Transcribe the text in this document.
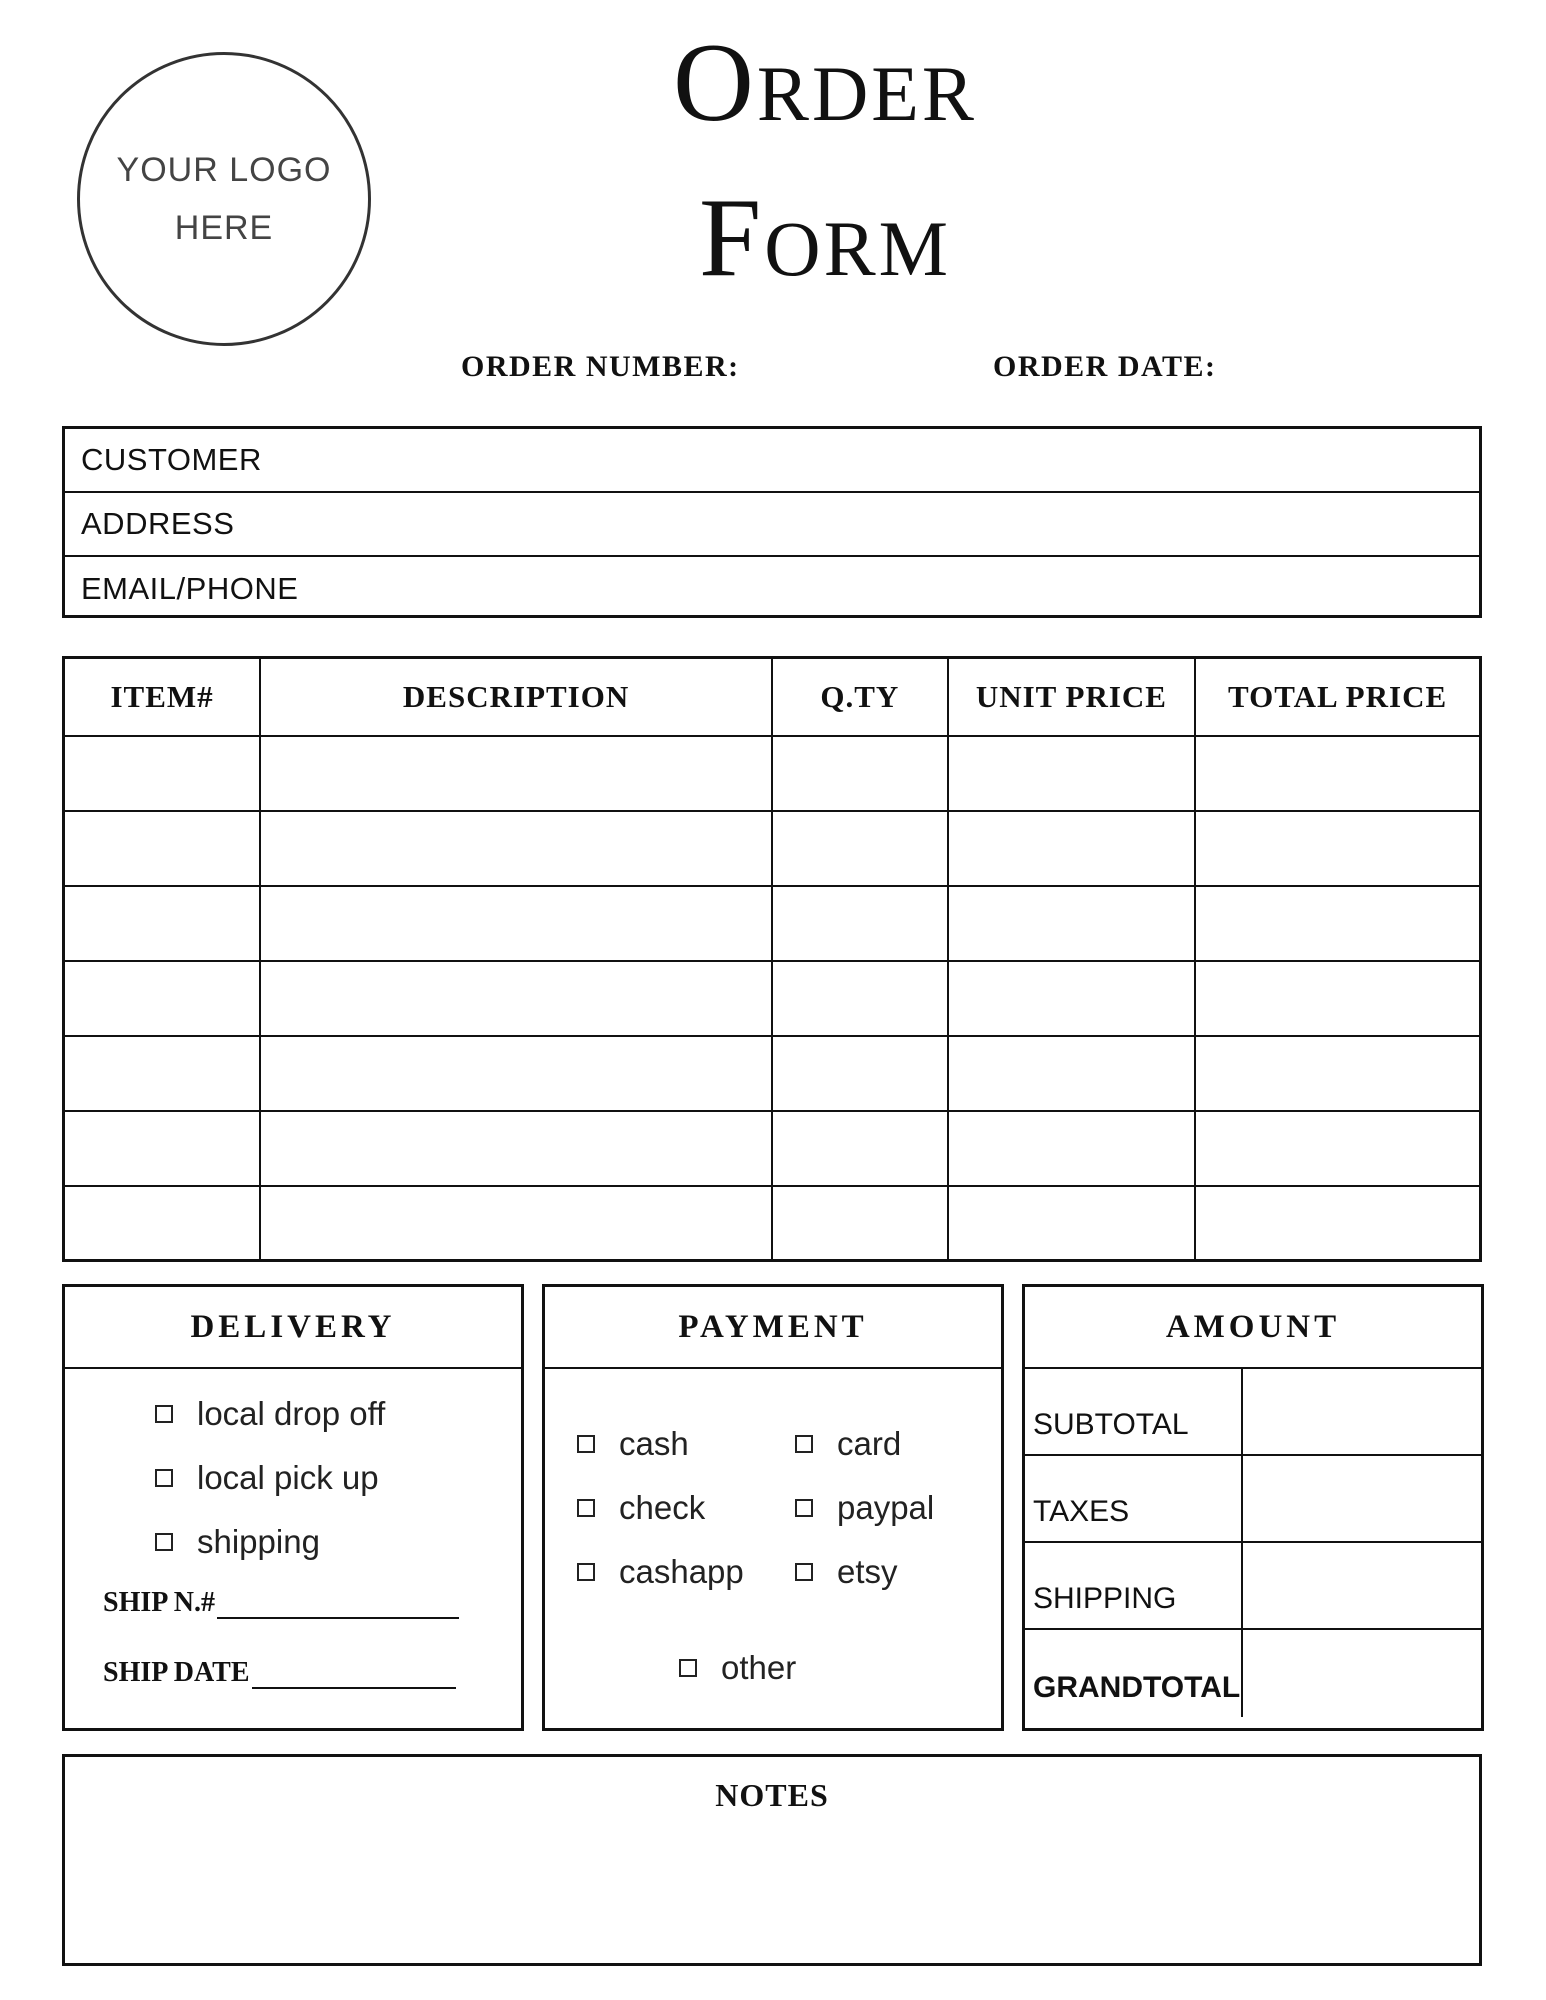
YOUR LOGO
HERE
Order
Form
ORDER NUMBER:	ORDER DATE:
CUSTOMER
ADDRESS
EMAIL/PHONE
ITEM#	DESCRIPTION	Q.TY	UNIT PRICE	TOTAL PRICE

DELIVERY
local drop off
local pick up
shipping
SHIP N.#
SHIP DATE
PAYMENT
cash	card
check	paypal
cashapp	etsy
other
AMOUNT
SUBTOTAL
TAXES
SHIPPING
GRANDTOTAL
NOTES
